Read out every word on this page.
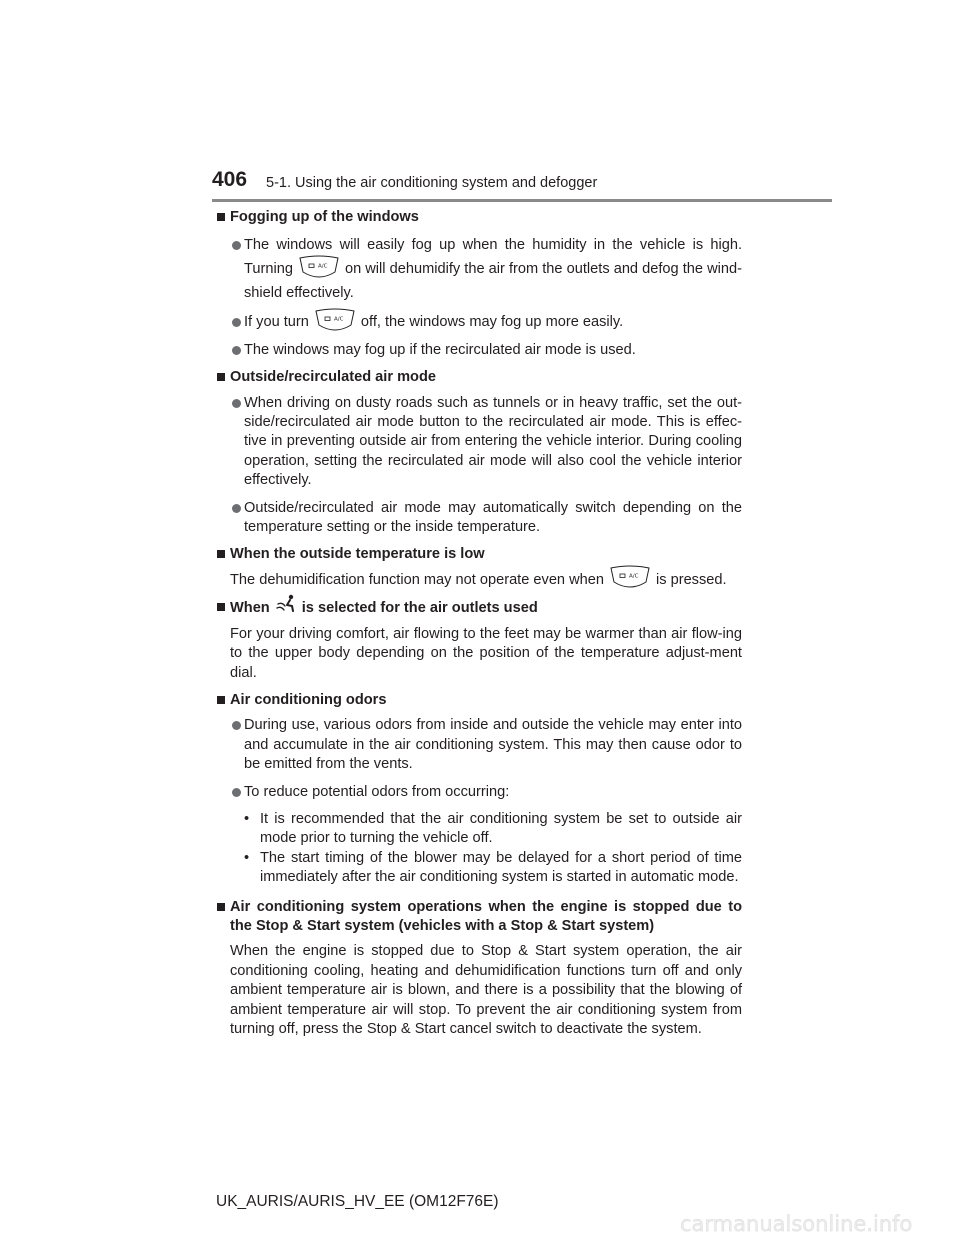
406 5-1. Using the air conditioning system and defogger

Fogging up of the windows

The windows will easily fog up when the humidity in the vehicle is high. Turning	A/C on will dehumidify the air from the outlets and defog the wind-shield effectively.

If you turn	A/C off, the windows may fog up more easily.

The windows may fog up if the recirculated air mode is used.

Outside/recirculated air mode

When driving on dusty roads such as tunnels or in heavy traffic, set the out-side/recirculated air mode button to the recirculated air mode. This is effec-tive in preventing outside air from entering the vehicle interior. During cooling operation, setting the recirculated air mode will also cool the vehicle interior effectively.

Outside/recirculated air mode may automatically switch depending on the temperature setting or the inside temperature.

When the outside temperature is low

The dehumidification function may not operate even when	A/C is pressed.

When is selected for the air outlets used

For your driving comfort, air flowing to the feet may be warmer than air flow-ing to the upper body depending on the position of the temperature adjust-ment dial.

Air conditioning odors

During use, various odors from inside and outside the vehicle may enter into and accumulate in the air conditioning system. This may then cause odor to be emitted from the vents.

To reduce potential odors from occurring:

• It is recommended that the air conditioning system be set to outside air mode prior to turning the vehicle off.

• The start timing of the blower may be delayed for a short period of time immediately after the air conditioning system is started in automatic mode.

Air conditioning system operations when the engine is stopped due to the Stop & Start system (vehicles with a Stop & Start system)

When the engine is stopped due to Stop & Start system operation, the air conditioning cooling, heating and dehumidification functions turn off and only ambient temperature air is blown, and there is a possibility that the blowing of ambient temperature air will stop. To prevent the air conditioning system from turning off, press the Stop & Start cancel switch to deactivate the system.

UK_AURIS/AURIS_HV_EE (OM12F76E)
carmanualsonline.info
